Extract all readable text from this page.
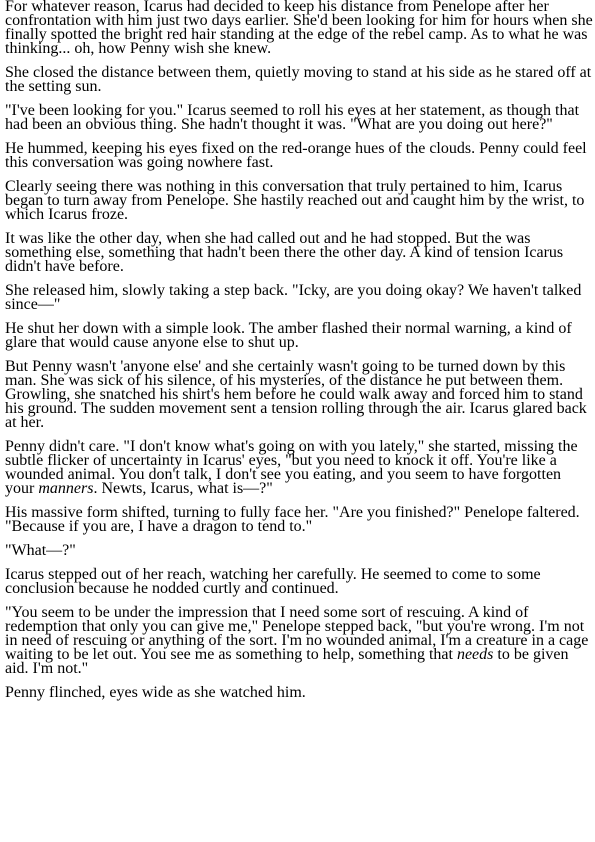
For whatever reason, Icarus had decided to keep his distance from Penelope after her confrontation with him just two days earlier. She'd been looking for him for hours when she finally spotted the bright red hair standing at the edge of the rebel camp. As to what he was thinking... oh, how Penny wish she knew.

She closed the distance between them, quietly moving to stand at his side as he stared off at the setting sun.

"I've been looking for you." Icarus seemed to roll his eyes at her statement, as though that had been an obvious thing. She hadn't thought it was. "What are you doing out here?"

He hummed, keeping his eyes fixed on the red-orange hues of the clouds. Penny could feel this conversation was going nowhere fast.

Clearly seeing there was nothing in this conversation that truly pertained to him, Icarus began to turn away from Penelope. She hastily reached out and caught him by the wrist, to which Icarus froze.

It was like the other day, when she had called out and he had stopped. But the was something else, something that hadn't been there the other day. A kind of tension Icarus didn't have before.

She released him, slowly taking a step back. "Icky, are you doing okay? We haven't talked since—"

He shut her down with a simple look. The amber flashed their normal warning, a kind of glare that would cause anyone else to shut up.

But Penny wasn't 'anyone else' and she certainly wasn't going to be turned down by this man. She was sick of his silence, of his mysteries, of the distance he put between them. Growling, she snatched his shirt's hem before he could walk away and forced him to stand his ground. The sudden movement sent a tension rolling through the air. Icarus glared back at her.

Penny didn't care. "I don't know what's going on with you lately," she started, missing the subtle flicker of uncertainty in Icarus' eyes, "but you need to knock it off. You're like a wounded animal. You don't talk, I don't see you eating, and you seem to have forgotten your manners. Newts, Icarus, what is—?"

His massive form shifted, turning to fully face her. "Are you finished?" Penelope faltered. "Because if you are, I have a dragon to tend to."

"What—?"

Icarus stepped out of her reach, watching her carefully. He seemed to come to some conclusion because he nodded curtly and continued.

"You seem to be under the impression that I need some sort of rescuing. A kind of redemption that only you can give me," Penelope stepped back, "but you're wrong. I'm not in need of rescuing or anything of the sort. I'm no wounded animal, I'm a creature in a cage waiting to be let out. You see me as something to help, something that needs to be given aid. I'm not."

Penny flinched, eyes wide as she watched him.
